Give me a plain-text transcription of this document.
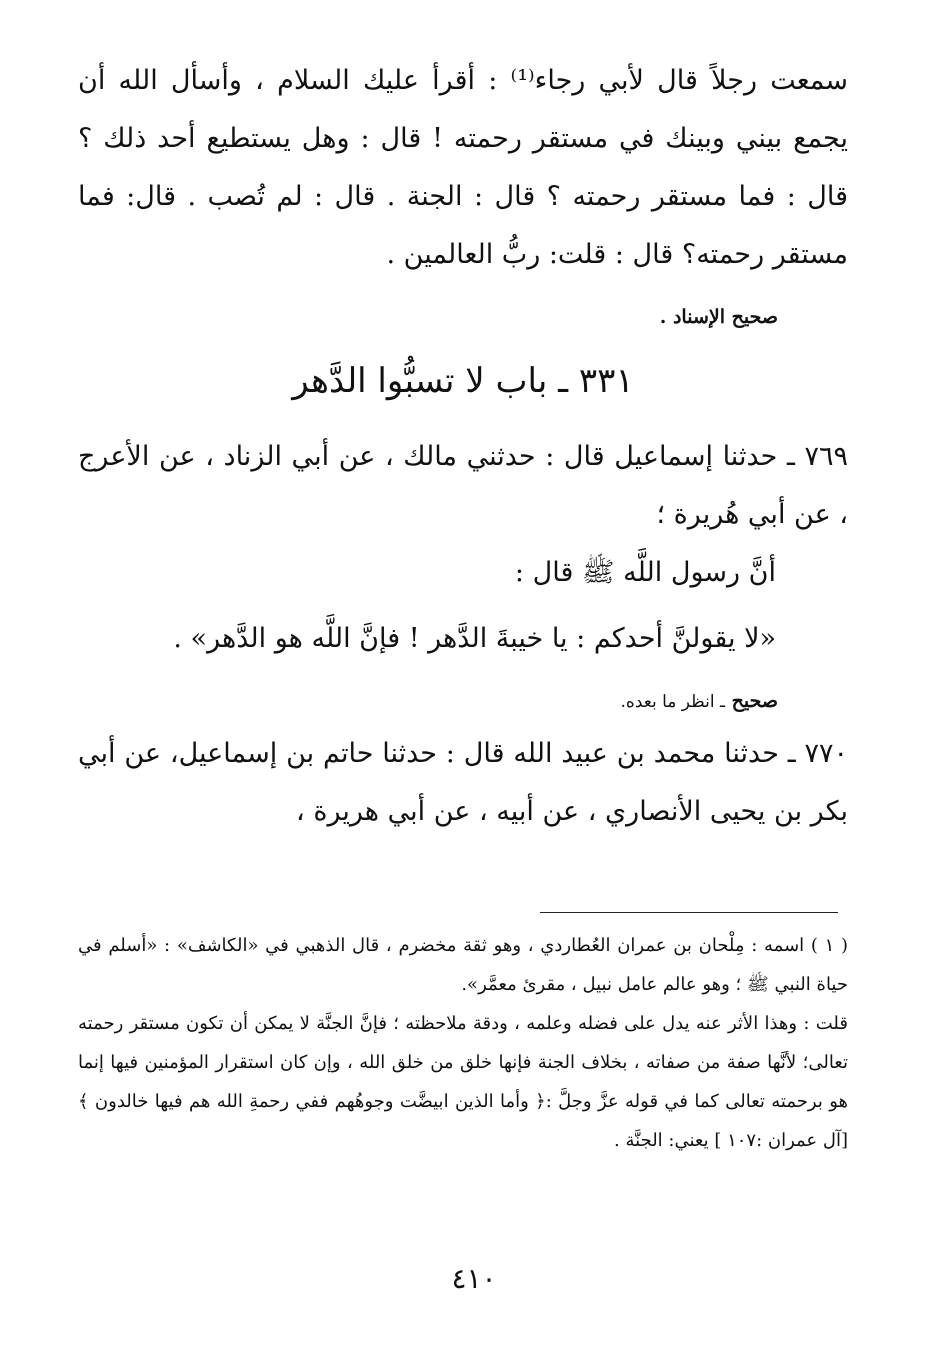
سمعت رجلاً قال لأبي رجاء⁽¹⁾ : أقرأ عليك السلام ، وأسأل الله أن يجمع بيني وبينك في مستقر رحمته ! قال : وهل يستطيع أحد ذلك ؟ قال : فما مستقر رحمته ؟ قال : الجنة . قال : لم تُصب . قال: فما مستقر رحمته؟ قال : قلت: ربُّ العالمين .

صحيح الإسناد .
٣٣١ ـ باب لا تسبُّوا الدَّهر

٧٦٩ ـ حدثنا إسماعيل قال : حدثني مالك ، عن أبي الزناد ، عن الأعرج ، عن أبي هُريرة ؛

أنَّ رسول اللَّه ﷺ قال :

«لا يقولنَّ أحدكم : يا خيبةَ الدَّهر ! فإنَّ اللَّه هو الدَّهر» .

صحيح ـ انظر ما بعده.

٧٧٠ ـ حدثنا محمد بن عبيد الله قال : حدثنا حاتم بن إسماعيل، عن أبي بكر بن يحيى الأنصاري ، عن أبيه ، عن أبي هريرة ،

( ١ ) اسمه : مِلْحان بن عمران العُطاردي ، وهو ثقة مخضرم ، قال الذهبي في «الكاشف» : «أسلم في حياة النبي ﷺ ؛ وهو عالم عامل نبيل ، مقرئ معمَّر».

قلت : وهذا الأثر عنه يدل على فضله وعلمه ، ودقة ملاحظته ؛ فإنَّ الجنَّة لا يمكن أن تكون مستقر رحمته تعالى؛ لأنَّها صفة من صفاته ، بخلاف الجنة فإنها خلق من خلق الله ، وإن كان استقرار المؤمنين فيها إنما هو برحمته تعالى كما في قوله عزَّ وجلَّ :﴿ وأما الذين ابيضَّت وجوهُهم ففي رحمةِ الله هم فيها خالدون ﴾ [آل عمران :١٠٧ ] يعني: الجنَّة .

٤١٠
